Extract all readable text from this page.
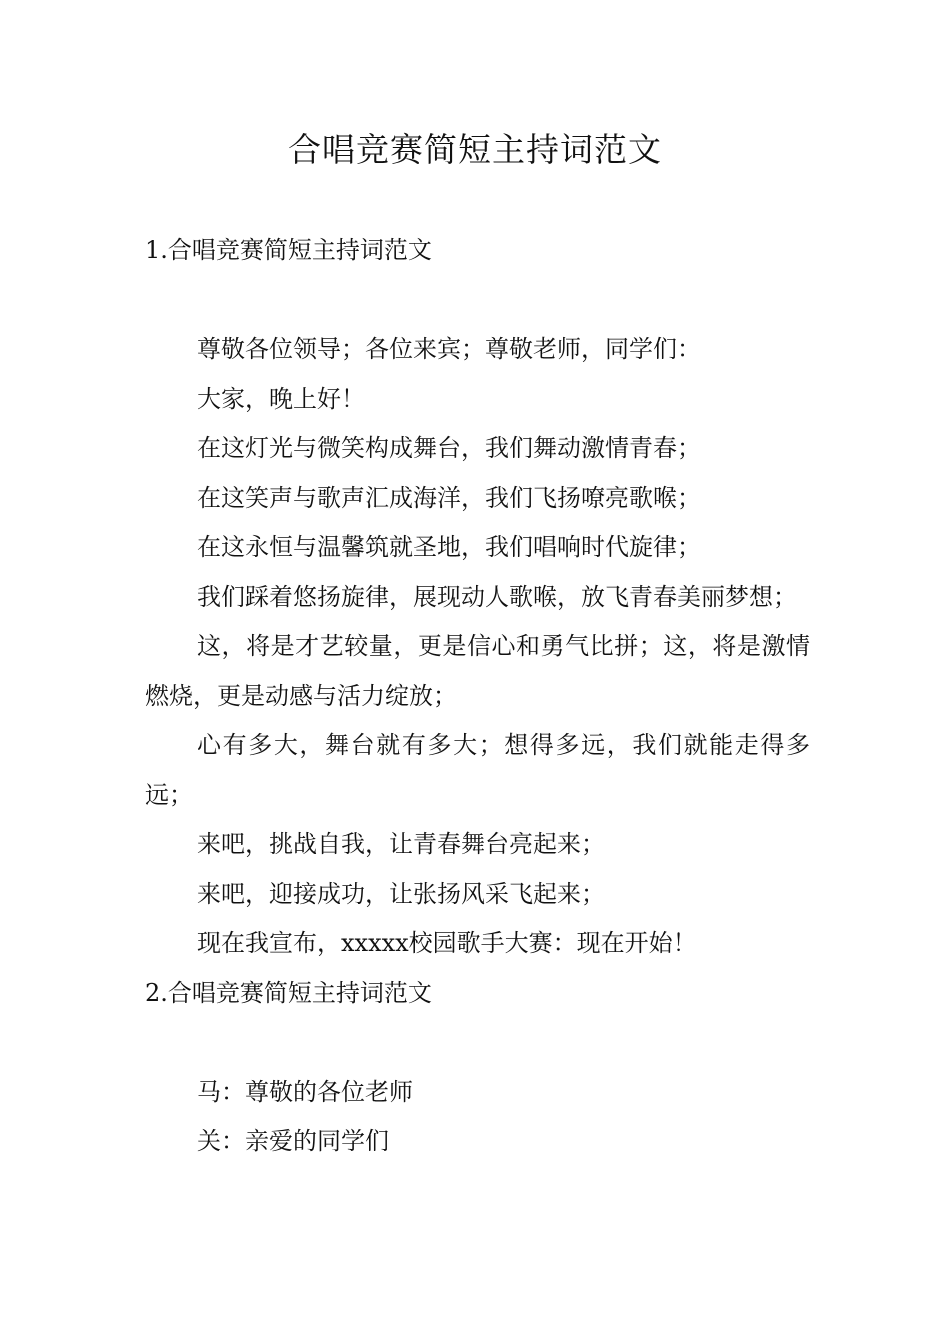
合唱竞赛简短主持词范文
1.合唱竞赛简短主持词范文

尊敬各位领导；各位来宾；尊敬老师，同学们：

大家，晚上好！

在这灯光与微笑构成舞台，我们舞动激情青春；

在这笑声与歌声汇成海洋，我们飞扬嘹亮歌喉；

在这永恒与温馨筑就圣地，我们唱响时代旋律；

我们踩着悠扬旋律，展现动人歌喉，放飞青春美丽梦想；

这，将是才艺较量，更是信心和勇气比拼；这，将是激情燃烧，更是动感与活力绽放；

心有多大，舞台就有多大；想得多远，我们就能走得多远；

来吧，挑战自我，让青春舞台亮起来；

来吧，迎接成功，让张扬风采飞起来；

现在我宣布，xxxxx校园歌手大赛：现在开始！

2.合唱竞赛简短主持词范文

马：尊敬的各位老师

关：亲爱的同学们
